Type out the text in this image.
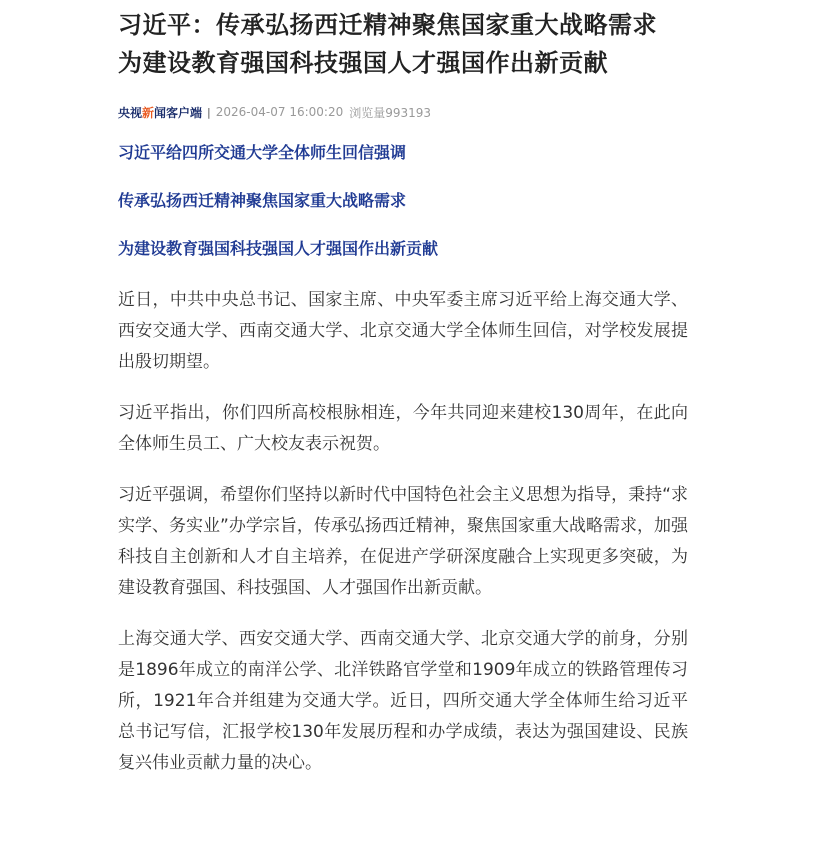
习近平：传承弘扬西迁精神聚焦国家重大战略需求 为建设教育强国科技强国人才强国作出新贡献
央视新闻客户端 | 2026-04-07 16:00:20 浏览量993193

习近平给四所交通大学全体师生回信强调

传承弘扬西迁精神聚焦国家重大战略需求

为建设教育强国科技强国人才强国作出新贡献

近日，中共中央总书记、国家主席、中央军委主席习近平给上海交通大学、西安交通大学、西南交通大学、北京交通大学全体师生回信，对学校发展提出殷切期望。

习近平指出，你们四所高校根脉相连，今年共同迎来建校130周年，在此向全体师生员工、广大校友表示祝贺。

习近平强调，希望你们坚持以新时代中国特色社会主义思想为指导，秉持“求实学、务实业”办学宗旨，传承弘扬西迁精神，聚焦国家重大战略需求，加强科技自主创新和人才自主培养，在促进产学研深度融合上实现更多突破，为建设教育强国、科技强国、人才强国作出新贡献。

上海交通大学、西安交通大学、西南交通大学、北京交通大学的前身，分别是1896年成立的南洋公学、北洋铁路官学堂和1909年成立的铁路管理传习所，1921年合并组建为交通大学。近日，四所交通大学全体师生给习近平总书记写信，汇报学校130年发展历程和办学成绩，表达为强国建设、民族复兴伟业贡献力量的决心。
